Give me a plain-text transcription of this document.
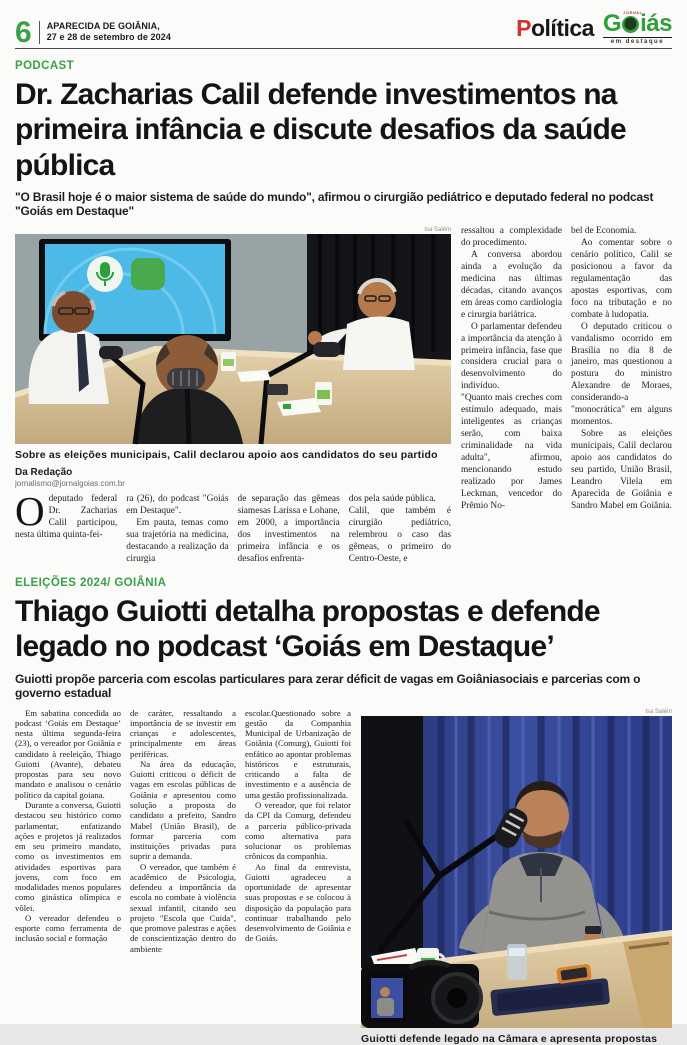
6 APARECIDA DE GOIÂNIA,
27 e 28 de setembro de 2024	Política G JORNAL
iás
em destaque
PODCAST
Dr. Zacharias Calil defende investimentos na primeira infância e discute desafios da saúde pública
"O Brasil hoje é o maior sistema de saúde do mundo", afirmou o cirurgião pediátrico e deputado federal no podcast "Goiás em Destaque"
Isa Salém
Sobre as eleições municipais, Calil declarou apoio aos candidatos do seu partido
Da Redação
jornalismo@jornalgoias.com.br

Odeputado federal Dr. Zacharias Calil participou, nesta última quinta-fei-

ra (26), do podcast "Goiás em Destaque".

Em pauta, temas como sua trajetória na medicina, destacando a realização da cirurgia

de separação das gêmeas siamesas Larissa e Lohane, em 2000, a importância dos investimentos na primeira infância e os desafios enfrenta-

dos pela saúde pública.

Calil, que também é cirurgião pediátrico, relembrou o caso das gêmeas, o primeiro do Centro-Oeste, e

ressaltou a complexidade do procedimento.

A conversa abordou ainda a evolução da medicina nas últimas décadas, citando avanços em áreas como cardiologia e cirurgia bariátrica.

O parlamentar defendeu a importância da atenção à primeira infância, fase que considera crucial para o desenvolvimento do indivíduo.

"Quanto mais creches com estímulo adequado, mais inteligentes as crianças serão, com baixa criminalidade na vida adulta", afirmou, mencionando estudo realizado por James Leckman, vencedor do Prêmio No-

bel de Economia.

Ao comentar sobre o cenário político, Calil se posicionou a favor da regulamentação das apostas esportivas, com foco na tributação e no combate à ludopatia.

O deputado criticou o vandalismo ocorrido em Brasília no dia 8 de janeiro, mas questionou a postura do ministro Alexandre de Moraes, considerando-a "monocrática" em alguns momentos.

Sobre as eleições municipais, Calil declarou apoio aos candidatos do seu partido, União Brasil, Leandro Vilela em Aparecida de Goiânia e Sandro Mabel em Goiânia.

ELEIÇÕES 2024/ GOIÂNIA
Thiago Guiotti detalha propostas e defende legado no podcast ‘Goiás em Destaque’
Guiotti propõe parceria com escolas particulares para zerar déficit de vagas em Goiâniasociais e parcerias com o governo estadual

Em sabatina concedida ao podcast ‘Goiás em Destaque’ nesta última segunda-feira (23), o vereador por Goiânia e candidato à reeleição, Thiago Guiotti (Avante), debateu propostas para seu novo mandato e analisou o cenário político da capital goiana.

Durante a conversa, Guiotti destacou seu histórico como parlamentar, enfatizando ações e projetos já realizados em seu primeiro mandato, como os investimentos em atividades esportivas para jovens, com foco em modalidades menos populares como ginástica olímpica e vôlei.

O vereador defendeu o esporte como ferramenta de inclusão social e formação

de caráter, ressaltando a importância de se investir em crianças e adolescentes, principalmente em áreas periféricas.

Na área da educação, Guiotti criticou o déficit de vagas em escolas públicas de Goiânia e apresentou como solução a proposta do candidato a prefeito, Sandro Mabel (União Brasil), de formar parceria com instituições privadas para suprir a demanda.

O vereador, que também é acadêmico de Psicologia, defendeu a importância da escola no combate à violência sexual infantil, citando seu projeto "Escola que Cuida", que promove palestras e ações de conscientização dentro do ambiente

escolar.Questionado sobre a gestão da Companhia Municipal de Urbanização de Goiânia (Comurg), Guiotti foi enfático ao apontar problemas históricos e estruturais, criticando a falta de investimento e a ausência de uma gestão profissionalizada.

O vereador, que foi relator da CPI da Comurg, defendeu a parceria público-privada como alternativa para solucionar os problemas crônicos da companhia.

Ao final da entrevista, Guiotti agradeceu a oportunidade de apresentar suas propostas e se colocou à disposição da população para continuar trabalhando pelo desenvolvimento de Goiânia e de Goiás.

Isa Salém
Guiotti defende legado na Câmara e apresenta propostas
